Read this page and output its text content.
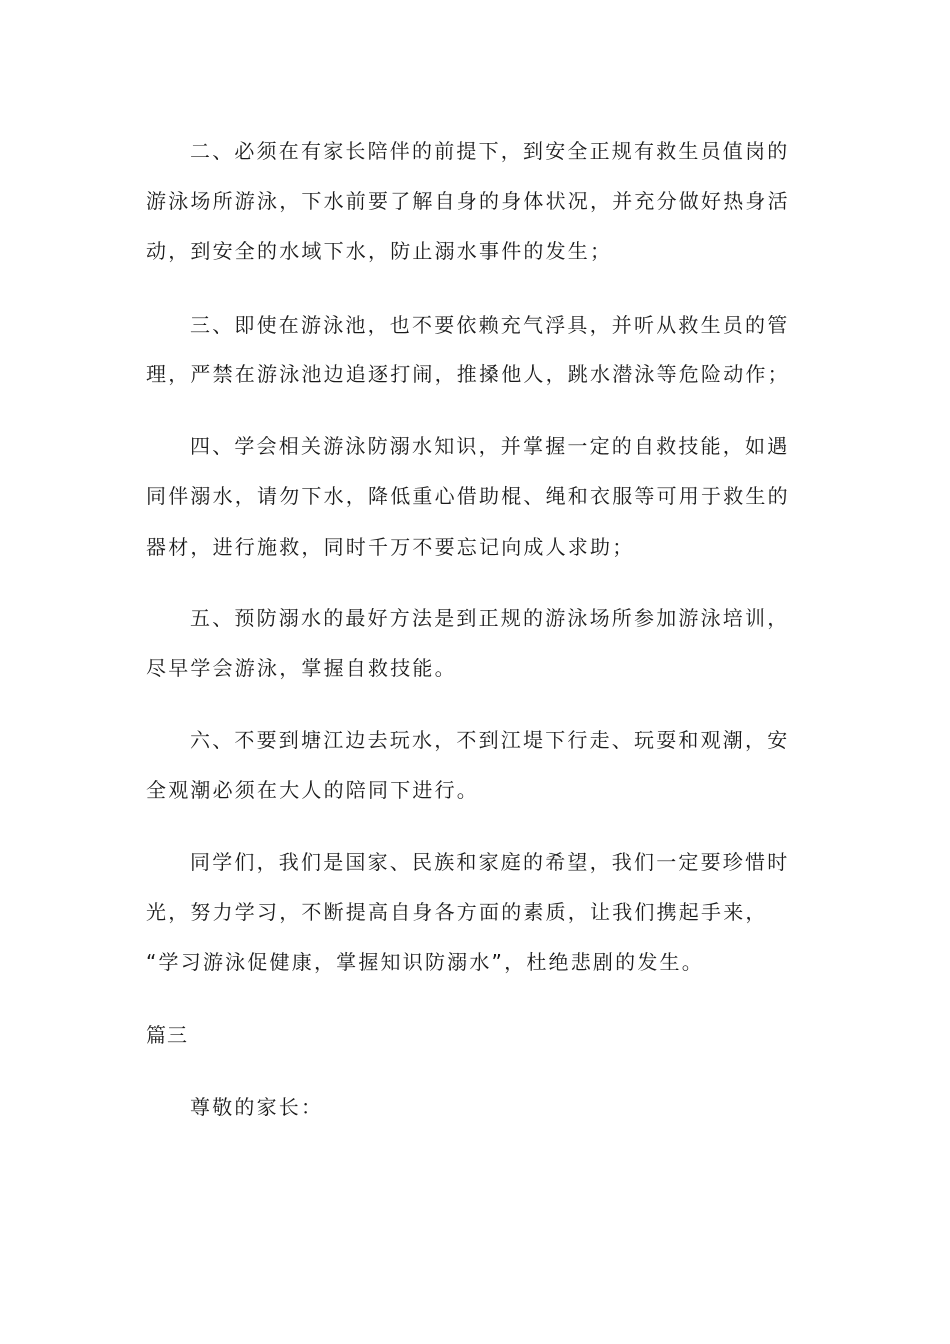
二、必须在有家长陪伴的前提下，到安全正规有救生员值岗的

游泳场所游泳，下水前要了解自身的身体状况，并充分做好热身活

动，到安全的水域下水，防止溺水事件的发生；

三、即使在游泳池，也不要依赖充气浮具，并听从救生员的管

理，严禁在游泳池边追逐打闹，推搡他人，跳水潜泳等危险动作；

四、学会相关游泳防溺水知识，并掌握一定的自救技能，如遇

同伴溺水，请勿下水，降低重心借助棍、绳和衣服等可用于救生的

器材，进行施救，同时千万不要忘记向成人求助；

五、预防溺水的最好方法是到正规的游泳场所参加游泳培训，

尽早学会游泳，掌握自救技能。

六、不要到塘江边去玩水，不到江堤下行走、玩耍和观潮，安

全观潮必须在大人的陪同下进行。

同学们，我们是国家、民族和家庭的希望，我们一定要珍惜时

光，努力学习，不断提高自身各方面的素质，让我们携起手来，

“学习游泳促健康，掌握知识防溺水”，杜绝悲剧的发生。

篇三

尊敬的家长：
